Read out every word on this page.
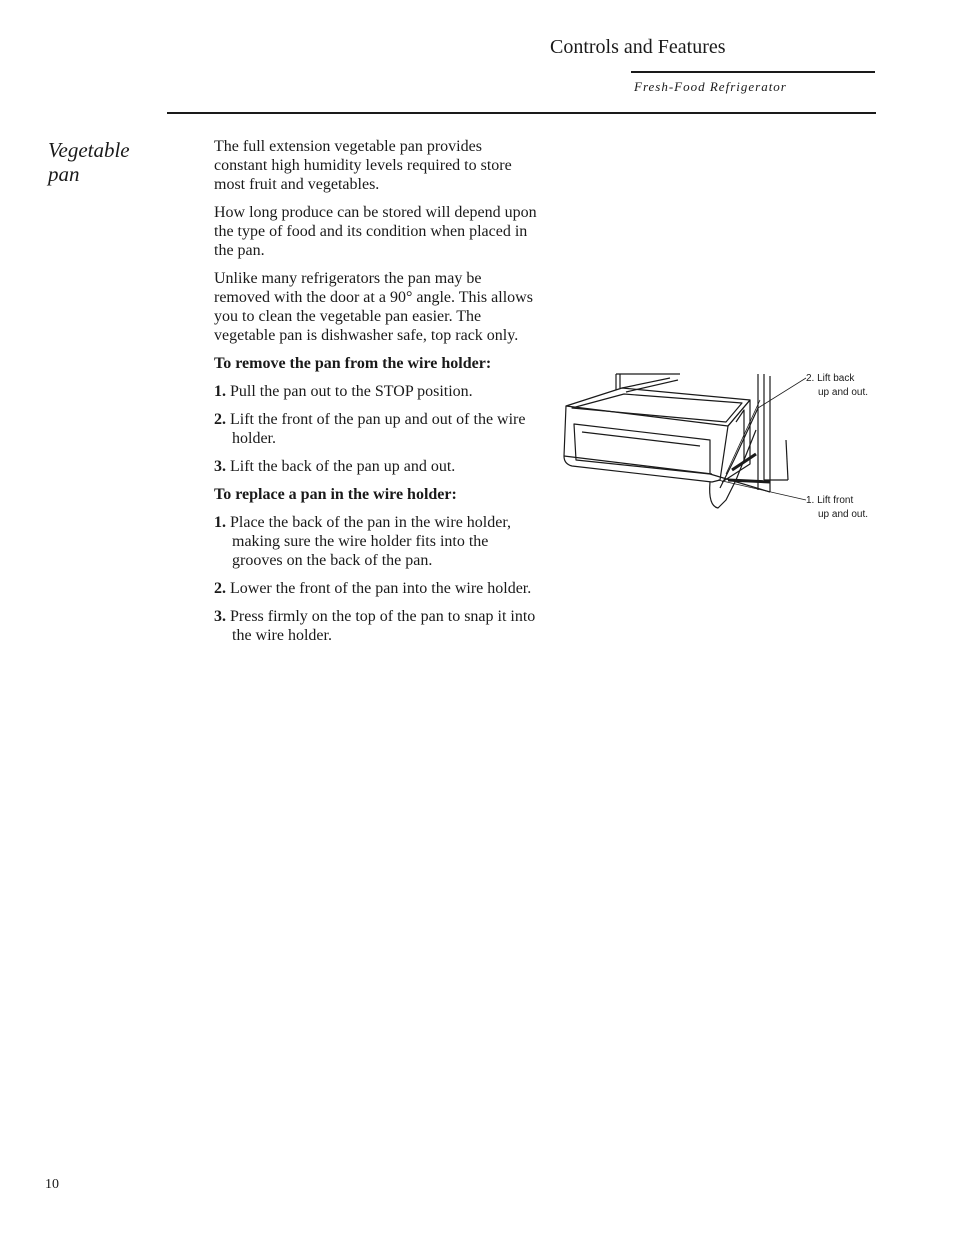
Controls and Features
Fresh-Food Refrigerator
Vegetable
pan

The full extension vegetable pan provides constant high humidity levels required to store most fruit and vegetables.

How long produce can be stored will depend upon the type of food and its condition when placed in the pan.

Unlike many refrigerators the pan may be removed with the door at a 90° angle. This allows you to clean the vegetable pan easier. The vegetable pan is dishwasher safe, top rack only.

To remove the pan from the wire holder:
1. Pull the pan out to the STOP position.
2. Lift the front of the pan up and out of the wire holder.
3. Lift the back of the pan up and out.
To replace a pan in the wire holder:
1. Place the back of the pan in the wire holder, making sure the wire holder fits into the grooves on the back of the pan.
2. Lower the front of the pan into the wire holder.
3. Press firmly on the top of the pan to snap it into the wire holder.
2. Lift back
up and out.
1. Lift front
up and out.
10
